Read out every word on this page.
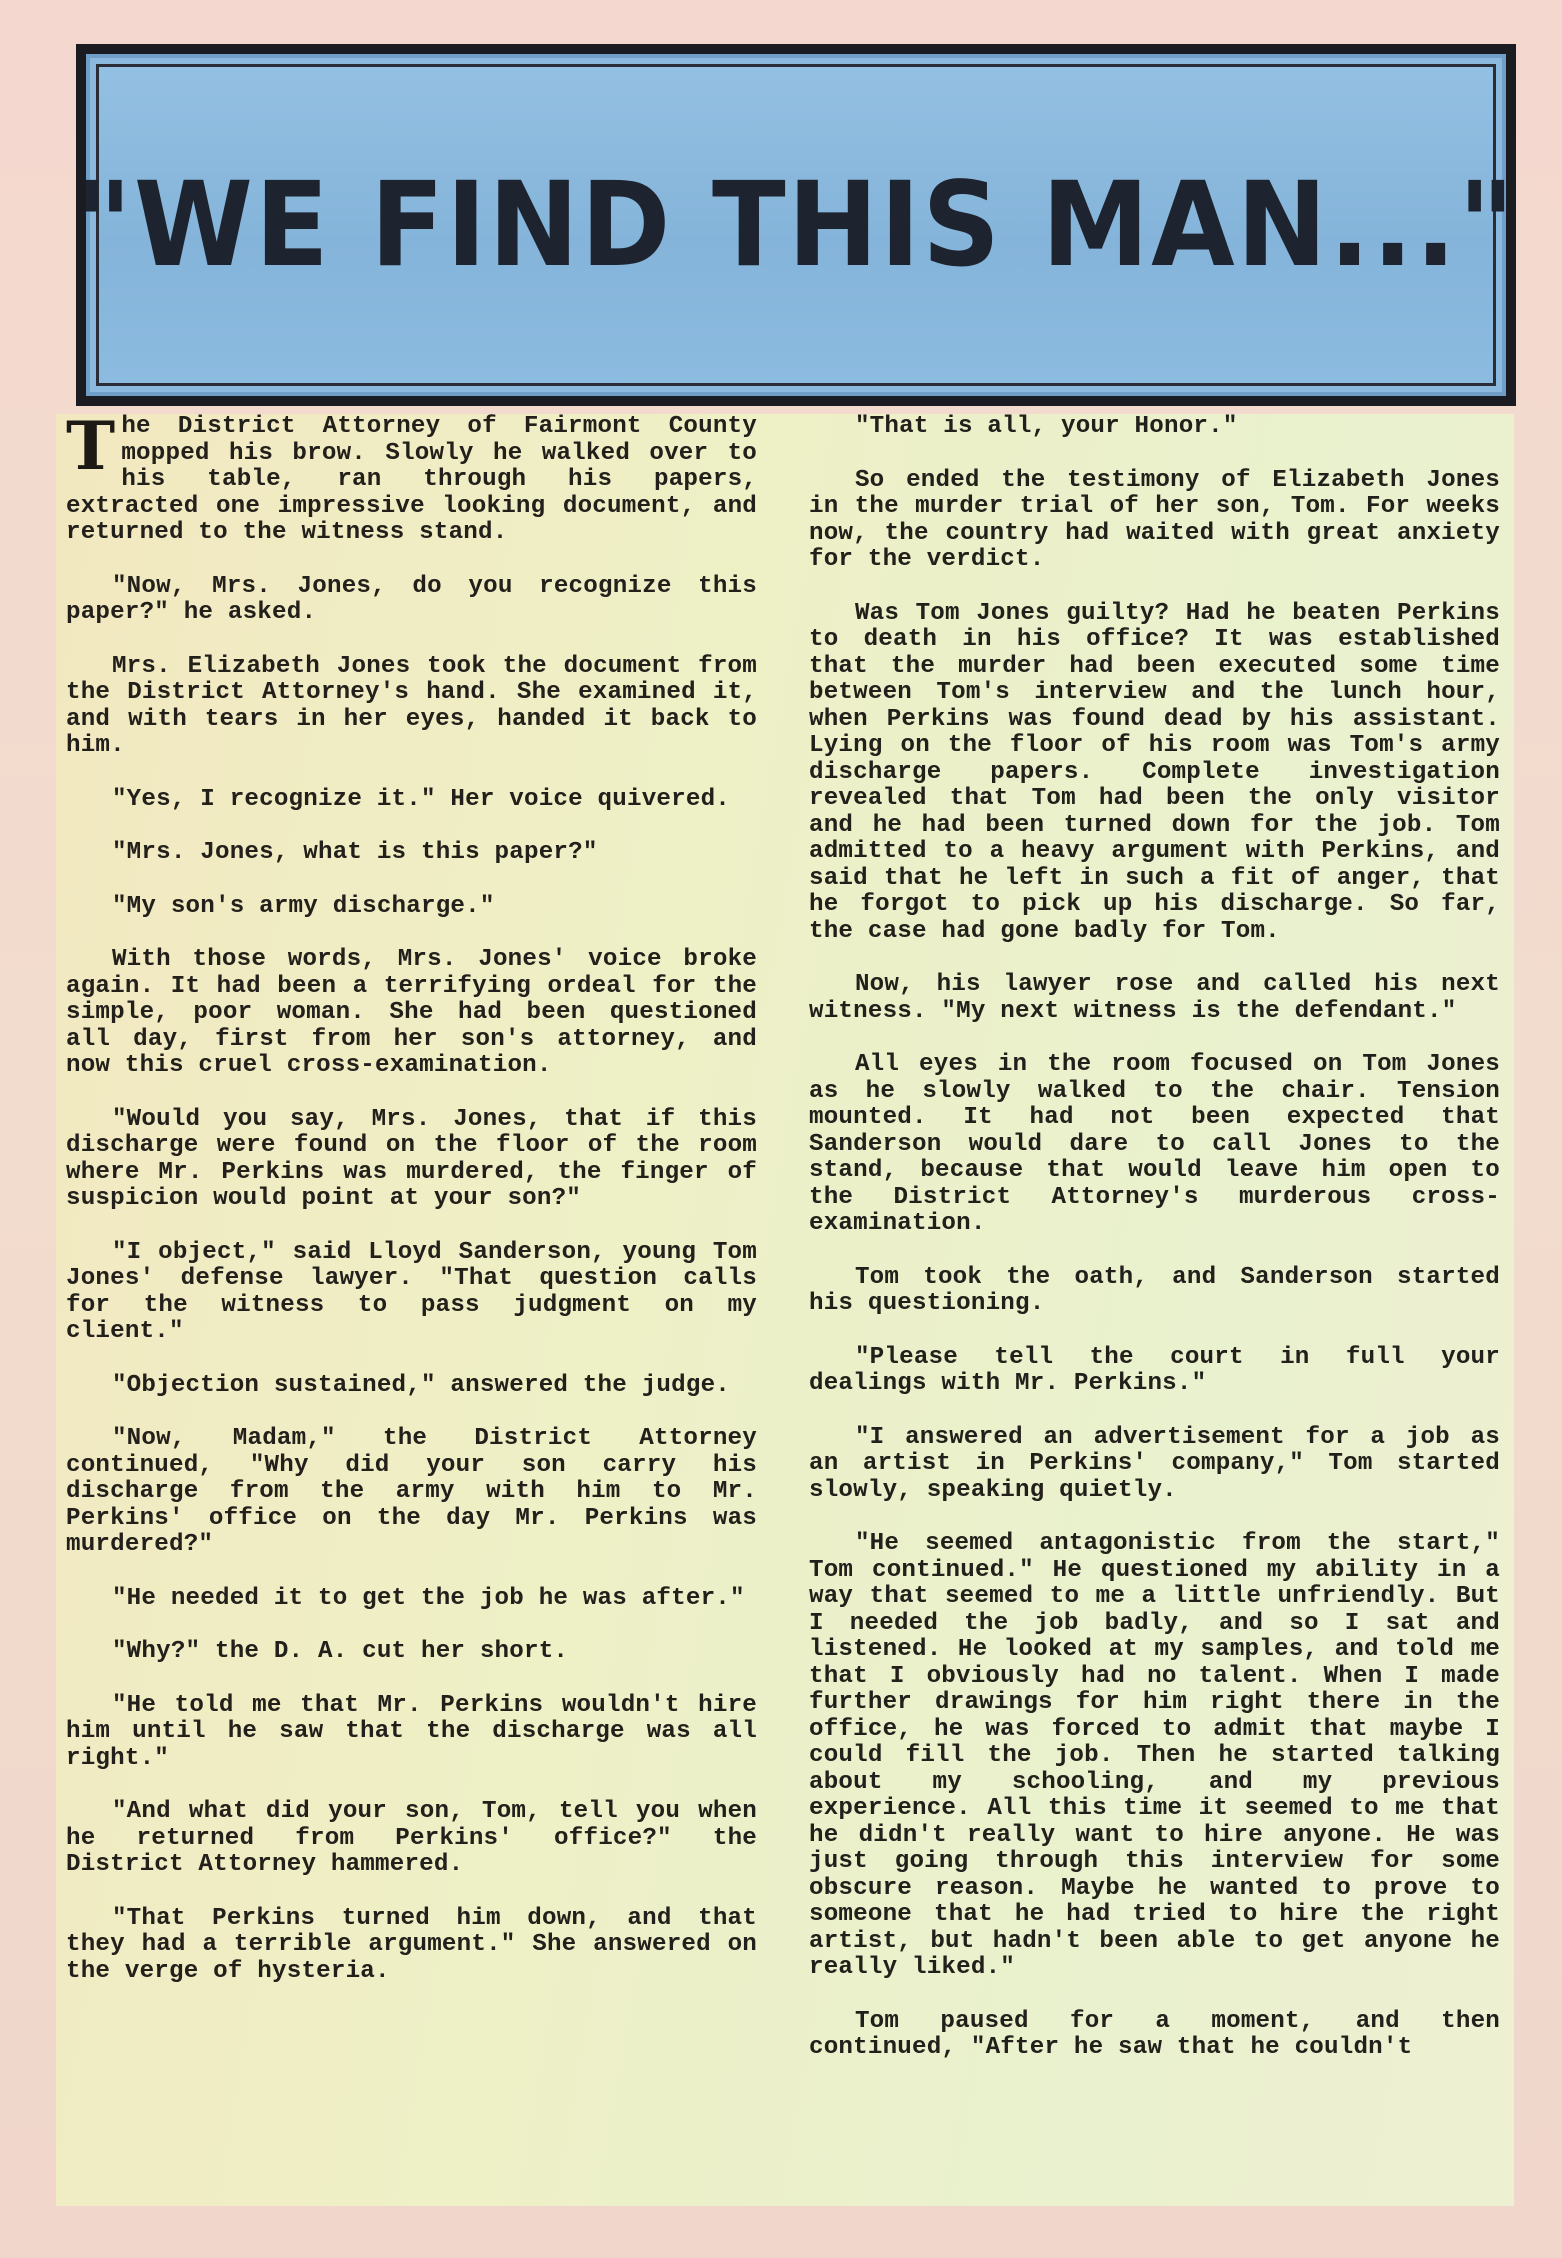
"WE FIND THIS MAN..."

The District Attorney of Fairmont County mopped his brow. Slowly he walked over to his table, ran through his papers, extracted one impressive looking document, and returned to the witness stand.

"Now, Mrs. Jones, do you recognize this paper?" he asked.

Mrs. Elizabeth Jones took the document from the District Attorney's hand. She examined it, and with tears in her eyes, handed it back to him.

"Yes, I recognize it." Her voice quivered.

"Mrs. Jones, what is this paper?"

"My son's army discharge."

With those words, Mrs. Jones' voice broke again. It had been a terrifying ordeal for the simple, poor woman. She had been questioned all day, first from her son's attorney, and now this cruel cross-examination.

"Would you say, Mrs. Jones, that if this discharge were found on the floor of the room where Mr. Perkins was murdered, the finger of suspicion would point at your son?"

"I object," said Lloyd Sanderson, young Tom Jones' defense lawyer. "That question calls for the witness to pass judgment on my client."

"Objection sustained," answered the judge.

"Now, Madam," the District Attorney continued, "Why did your son carry his discharge from the army with him to Mr. Perkins' office on the day Mr. Perkins was murdered?"

"He needed it to get the job he was after."

"Why?" the D. A. cut her short.

"He told me that Mr. Perkins wouldn't hire him until he saw that the discharge was all right."

"And what did your son, Tom, tell you when he returned from Perkins' office?" the District Attorney hammered.

"That Perkins turned him down, and that they had a terrible argument." She answered on the verge of hysteria.

"That is all, your Honor."

So ended the testimony of Elizabeth Jones in the murder trial of her son, Tom. For weeks now, the country had waited with great anxiety for the verdict.

Was Tom Jones guilty? Had he beaten Perkins to death in his office? It was established that the murder had been executed some time between Tom's interview and the lunch hour, when Perkins was found dead by his assistant. Lying on the floor of his room was Tom's army discharge papers. Complete investigation revealed that Tom had been the only visitor and he had been turned down for the job. Tom admitted to a heavy argument with Perkins, and said that he left in such a fit of anger, that he forgot to pick up his discharge. So far, the case had gone badly for Tom.

Now, his lawyer rose and called his next witness. "My next witness is the defendant."

All eyes in the room focused on Tom Jones as he slowly walked to the chair. Tension mounted. It had not been expected that Sanderson would dare to call Jones to the stand, because that would leave him open to the District Attorney's murderous cross-examination.

Tom took the oath, and Sanderson started his questioning.

"Please tell the court in full your dealings with Mr. Perkins."

"I answered an advertisement for a job as an artist in Perkins' company," Tom started slowly, speaking quietly.

"He seemed antagonistic from the start," Tom continued." He questioned my ability in a way that seemed to me a little unfriendly. But I needed the job badly, and so I sat and listened. He looked at my samples, and told me that I obviously had no talent. When I made further drawings for him right there in the office, he was forced to admit that maybe I could fill the job. Then he started talking about my schooling, and my previous experience. All this time it seemed to me that he didn't really want to hire anyone. He was just going through this interview for some obscure reason. Maybe he wanted to prove to someone that he had tried to hire the right artist, but hadn't been able to get anyone he really liked."

Tom paused for a moment, and then continued, "After he saw that he couldn't
